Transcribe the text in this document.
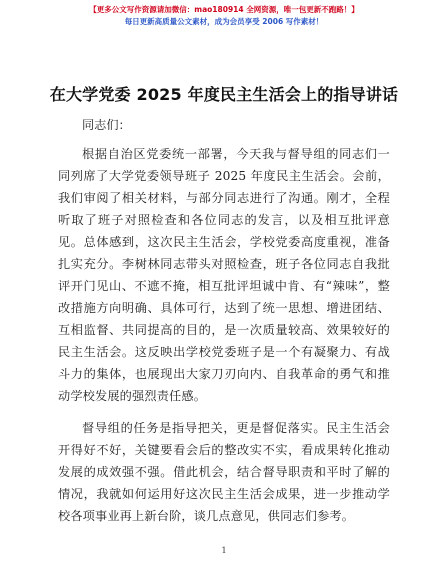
【更多公文写作资源请加微信：mao180914 全网资源，唯一包更新不跑路！】
每日更新高质量公文素材，成为会员享受 2006 写作素材！
在大学党委 2025 年度民主生活会上的指导讲话

同志们：

根据自治区党委统一部署，今天我与督导组的同志们一同列席了大学党委领导班子 2025 年度民主生活会。会前，我们审阅了相关材料，与部分同志进行了沟通。刚才，全程听取了班子对照检查和各位同志的发言，以及相互批评意见。总体感到，这次民主生活会，学校党委高度重视，准备扎实充分。李树林同志带头对照检查，班子各位同志自我批评开门见山、不遮不掩，相互批评坦诚中肯、有“辣味”，整改措施方向明确、具体可行，达到了统一思想、增进团结、互相监督、共同提高的目的，是一次质量较高、效果较好的民主生活会。这反映出学校党委班子是一个有凝聚力、有战斗力的集体，也展现出大家刀刃向内、自我革命的勇气和推动学校发展的强烈责任感。

督导组的任务是指导把关，更是督促落实。民主生活会开得好不好，关键要看会后的整改实不实，看成果转化推动发展的成效强不强。借此机会，结合督导职责和平时了解的情况，我就如何运用好这次民主生活会成果，进一步推动学校各项事业再上新台阶，谈几点意见，供同志们参考。

1
